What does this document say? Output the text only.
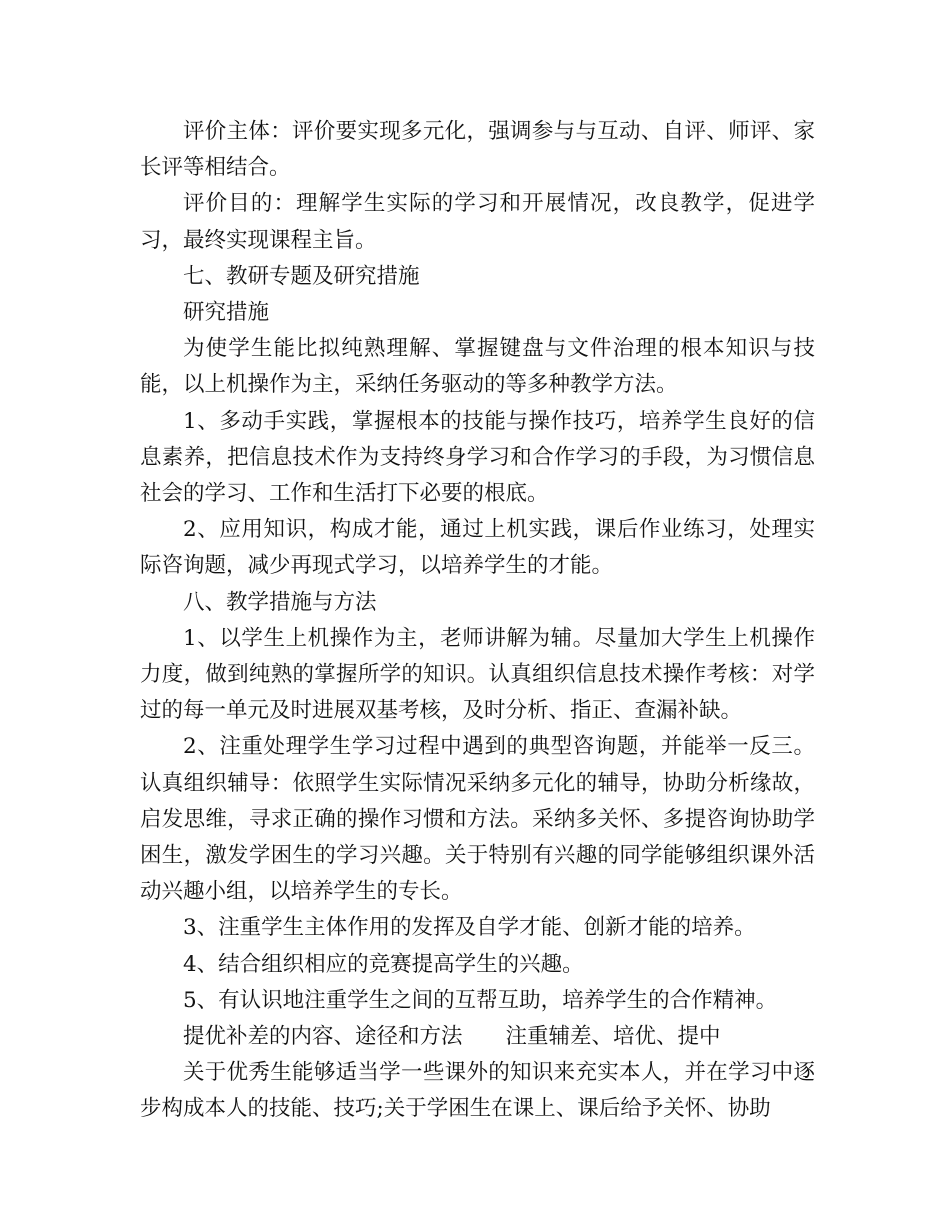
评价主体：评价要实现多元化，强调参与与互动、自评、师评、家长评等相结合。

评价目的：理解学生实际的学习和开展情况，改良教学，促进学习，最终实现课程主旨。

七、教研专题及研究措施

研究措施

为使学生能比拟纯熟理解、掌握键盘与文件治理的根本知识与技能，以上机操作为主，采纳任务驱动的等多种教学方法。

1、多动手实践，掌握根本的技能与操作技巧，培养学生良好的信息素养，把信息技术作为支持终身学习和合作学习的手段，为习惯信息社会的学习、工作和生活打下必要的根底。

2、应用知识，构成才能，通过上机实践，课后作业练习，处理实际咨询题，减少再现式学习，以培养学生的才能。

八、教学措施与方法

1、以学生上机操作为主，老师讲解为辅。尽量加大学生上机操作力度，做到纯熟的掌握所学的知识。认真组织信息技术操作考核：对学过的每一单元及时进展双基考核，及时分析、指正、查漏补缺。

2、注重处理学生学习过程中遇到的典型咨询题，并能举一反三。认真组织辅导：依照学生实际情况采纳多元化的辅导，协助分析缘故，启发思维，寻求正确的操作习惯和方法。采纳多关怀、多提咨询协助学困生，激发学困生的学习兴趣。关于特别有兴趣的同学能够组织课外活动兴趣小组，以培养学生的专长。

3、注重学生主体作用的发挥及自学才能、创新才能的培养。

4、结合组织相应的竞赛提高学生的兴趣。

5、有认识地注重学生之间的互帮互助，培养学生的合作精神。

提优补差的内容、途径和方法　　注重辅差、培优、提中

关于优秀生能够适当学一些课外的知识来充实本人，并在学习中逐步构成本人的技能、技巧;关于学困生在课上、课后给予关怀、协助
